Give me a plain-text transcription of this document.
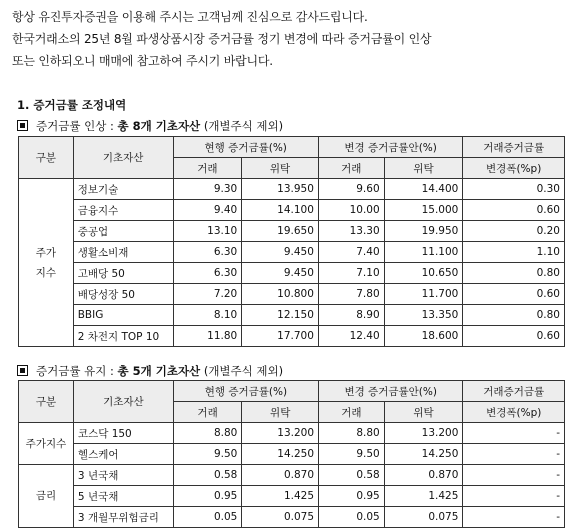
항상 유진투자증권을 이용해 주시는 고객님께 진심으로 감사드립니다.
한국거래소의 25년 8월 파생상품시장 증거금률 정기 변경에 따라 증거금률이 인상
또는 인하되오니 매매에 참고하여 주시기 바랍니다.
1. 증거금률 조정내역
증거금률 인상 : 총 8개 기초자산 (개별주식 제외)
구분	기초자산	현행 증거금률(%)		변경 증거금률안(%)		거래증거금률
		거래	위탁	거래	위탁	변경폭(%p)

주가
지수	정보기술	9.30	13.950	9.60	14.400	0.30
	금융지수	9.40	14.100	10.00	15.000	0.60
	중공업	13.10	19.650	13.30	19.950	0.20
	생활소비재	6.30	9.450	7.40	11.100	1.10
	고배당 50	6.30	9.450	7.10	10.650	0.80
	배당성장 50	7.20	10.800	7.80	11.700	0.60
	BBIG	8.10	12.150	8.90	13.350	0.80
	2 차전지 TOP 10	11.80	17.700	12.40	18.600	0.60
증거금률 유지 : 총 5개 기초자산 (개별주식 제외)
구분	기초자산	현행 증거금률(%)		변경 증거금률안(%)		거래증거금률
		거래	위탁	거래	위탁	변경폭(%p)
주가지수	코스닥 150	8.80	13.200	8.80	13.200	-
	헬스케어	9.50	14.250	9.50	14.250	-
금리	3 년국채	0.58	0.870	0.58	0.870	-
	5 년국채	0.95	1.425	0.95	1.425	-
	3 개월무위험금리	0.05	0.075	0.05	0.075	-
